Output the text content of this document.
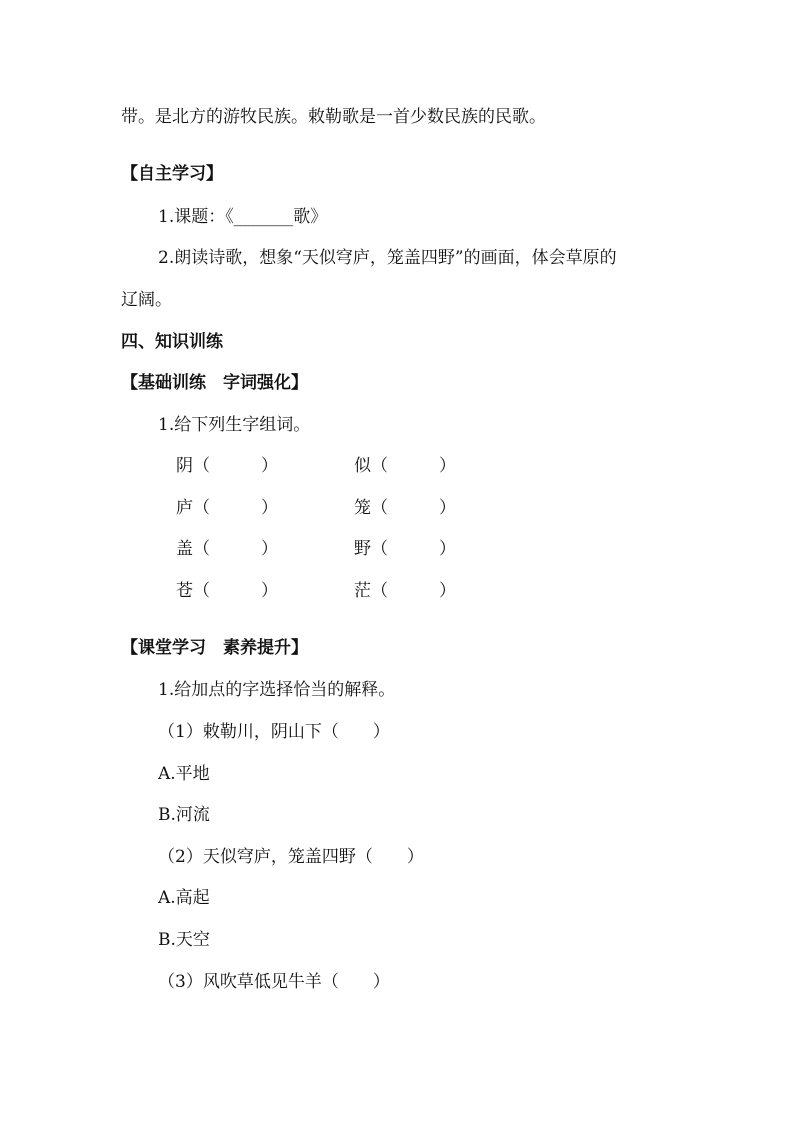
带。是北方的游牧民族。敕勒歌是一首少数民族的民歌。
【自主学习】
1.课题：《_______歌》
2.朗读诗歌，想象“天似穹庐，笼盖四野”的画面，体会草原的
辽阔。
四、知识训练
【基础训练　字词强化】
1.给下列生字组词。
阴（　　　）	似（　　　）
庐（　　　）	笼（　　　）
盖（　　　）	野（　　　）
苍（　　　）	茫（　　　）
【课堂学习　素养提升】
1.给加点的字选择恰当的解释。
（1）敕勒川，阴山下（　　）
A.平地
B.河流
（2）天似穹庐，笼盖四野（　　）
A.高起
B.天空
（3）风吹草低见牛羊（　　）
